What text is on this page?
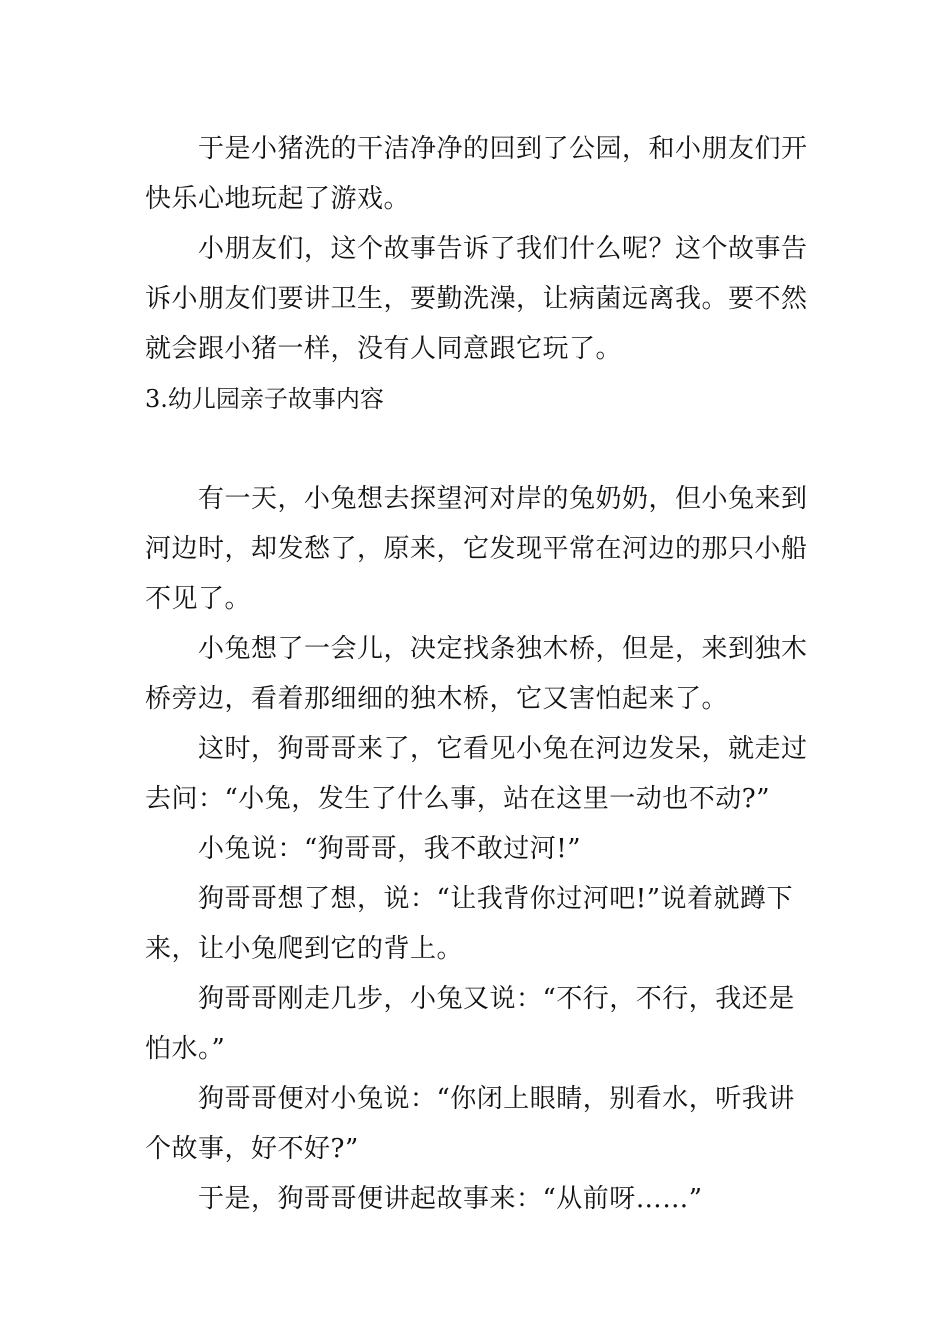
于是小猪洗的干洁净净的回到了公园，和小朋友们开
快乐心地玩起了游戏。
小朋友们，这个故事告诉了我们什么呢？这个故事告
诉小朋友们要讲卫生，要勤洗澡，让病菌远离我。要不然
就会跟小猪一样，没有人同意跟它玩了。
3.幼儿园亲子故事内容
有一天，小兔想去探望河对岸的兔奶奶，但小兔来到
河边时，却发愁了，原来，它发现平常在河边的那只小船
不见了。
小兔想了一会儿，决定找条独木桥，但是，来到独木
桥旁边，看着那细细的独木桥，它又害怕起来了。
这时，狗哥哥来了，它看见小兔在河边发呆，就走过
去问：“小兔，发生了什么事，站在这里一动也不动?”
小兔说：“狗哥哥，我不敢过河!”
狗哥哥想了想，说：“让我背你过河吧!”说着就蹲下
来，让小兔爬到它的背上。
狗哥哥刚走几步，小兔又说：“不行，不行，我还是
怕水。”
狗哥哥便对小兔说：“你闭上眼睛，别看水，听我讲
个故事，好不好?”
于是，狗哥哥便讲起故事来：“从前呀……”
